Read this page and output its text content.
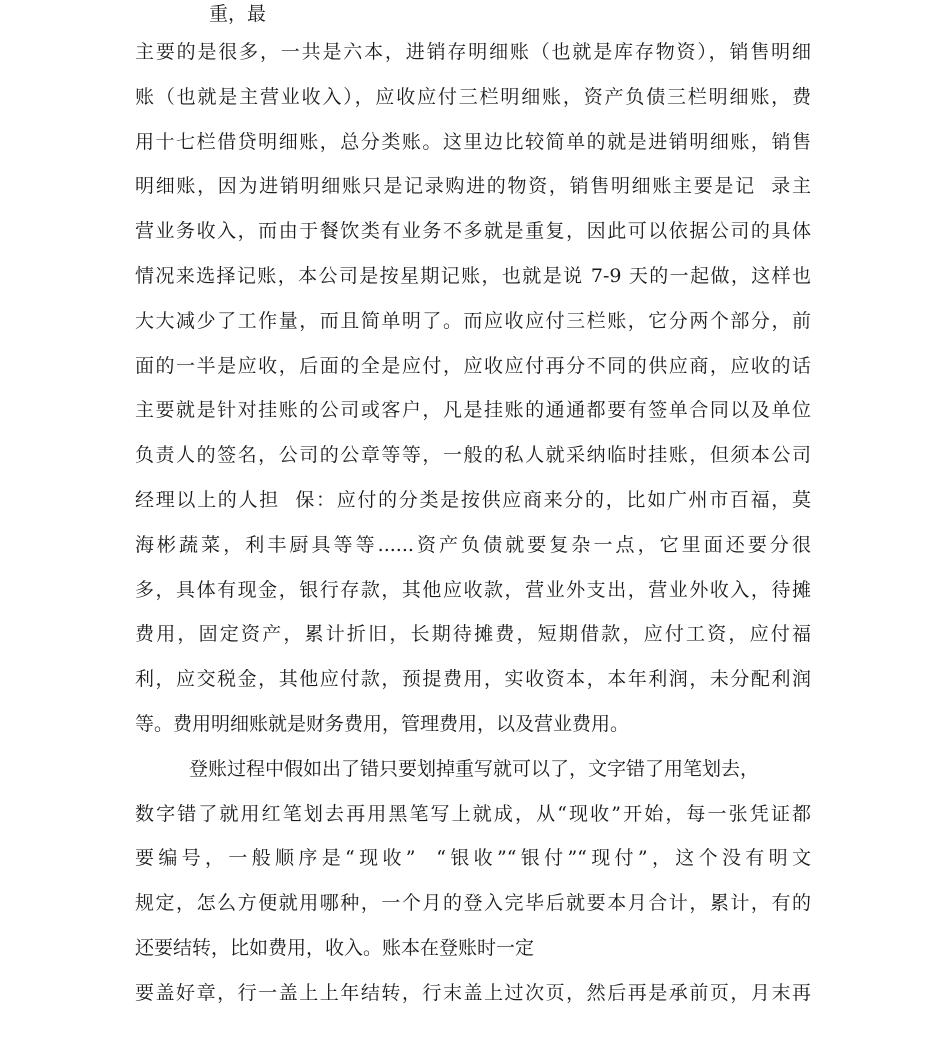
重，最
主要的是很多，一共是六本，进销存明细账（也就是库存物资），销售明细
账（也就是主营业收入），应收应付三栏明细账，资产负债三栏明细账，费
用十七栏借贷明细账，总分类账。这里边比较简单的就是进销明细账，销售
明细账，因为进销明细账只是记录购进的物资，销售明细账主要是记  录主
营业务收入，而由于餐饮类有业务不多就是重复，因此可以依据公司的具体
情况来选择记账，本公司是按星期记账，也就是说 7-9 天的一起做，这样也
大大减少了工作量，而且简单明了。而应收应付三栏账，它分两个部分，前
面的一半是应收，后面的全是应付，应收应付再分不同的供应商，应收的话
主要就是针对挂账的公司或客户，凡是挂账的通通都要有签单合同以及单位
负责人的签名，公司的公章等等，一般的私人就采纳临时挂账，但须本公司
经理以上的人担  保：应付的分类是按供应商来分的，比如广州市百福，莫
海彬蔬菜，利丰厨具等等......资产负债就要复杂一点，它里面还要分很
多，具体有现金，银行存款，其他应收款，营业外支出，营业外收入，待摊
费用，固定资产，累计折旧，长期待摊费，短期借款，应付工资，应付福
利，应交税金，其他应付款，预提费用，实收资本，本年利润，未分配利润
等。费用明细账就是财务费用，管理费用，以及营业费用。
登账过程中假如出了错只要划掉重写就可以了，文字错了用笔划去，
数字错了就用红笔划去再用黑笔写上就成，从“现收”开始，每一张凭证都
要编号，一般顺序是“现收”  “银收”“银付”“现付”，这个没有明文
规定，怎么方便就用哪种，一个月的登入完毕后就要本月合计，累计，有的
还要结转，比如费用，收入。账本在登账时一定
要盖好章，行一盖上上年结转，行末盖上过次页，然后再是承前页，月末再
